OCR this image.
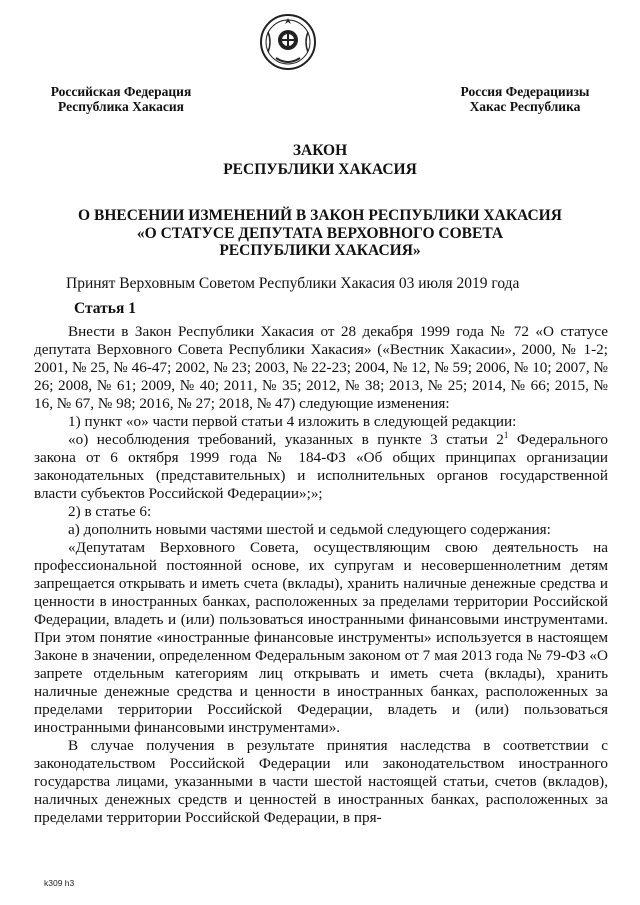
Российская Федерация
Республика Хакасия
Россия Федерациизы
Хакас Республика
ЗАКОН
РЕСПУБЛИКИ ХАКАСИЯ
О ВНЕСЕНИИ ИЗМЕНЕНИЙ В ЗАКОН РЕСПУБЛИКИ ХАКАСИЯ
«О СТАТУСЕ ДЕПУТАТА ВЕРХОВНОГО СОВЕТА
РЕСПУБЛИКИ ХАКАСИЯ»
Принят Верховным Советом Республики Хакасия 03 июля 2019 года
Статья 1

Внести в Закон Республики Хакасия от 28 декабря 1999 года № 72 «О статусе депутата Верховного Совета Республики Хакасия» («Вестник Хакасии», 2000, № 1-2; 2001, № 25, № 46-47; 2002, № 23; 2003, № 22-23; 2004, № 12, № 59; 2006, № 10; 2007, № 26; 2008, № 61; 2009, № 40; 2011, № 35; 2012, № 38; 2013, № 25; 2014, № 66; 2015, № 16, № 67, № 98; 2016, № 27; 2018, № 47) следующие изменения:

1) пункт «о» части первой статьи 4 изложить в следующей редакции:

«о) несоблюдения требований, указанных в пункте 3 статьи $2^1$ Федерального закона от 6 октября 1999 года № 184-ФЗ «Об общих принципах организации законодательных (представительных) и исполнительных органов государственной власти субъектов Российской Федерации»;»;

2) в статье 6:

а) дополнить новыми частями шестой и седьмой следующего содержания:

«Депутатам Верховного Совета, осуществляющим свою деятельность на профессиональной постоянной основе, их супругам и несовершеннолетним детям запрещается открывать и иметь счета (вклады), хранить наличные денежные средства и ценности в иностранных банках, расположенных за пределами территории Российской Федерации, владеть и (или) пользоваться иностранными финансовыми инструментами. При этом понятие «иностранные финансовые инструменты» используется в настоящем Законе в значении, определенном Федеральным законом от 7 мая 2013 года № 79-ФЗ «О запрете отдельным категориям лиц открывать и иметь счета (вклады), хранить наличные денежные средства и ценности в иностранных банках, расположенных за пределами территории Российской Федерации, владеть и (или) пользоваться иностранными финансовыми инструментами».

В случае получения в результате принятия наследства в соответствии с законодательством Российской Федерации или законодательством иностранного государства лицами, указанными в части шестой настоящей статьи, счетов (вкладов), наличных денежных средств и ценностей в иностранных банках, расположенных за пределами территории Российской Федерации, в пря-

k309 h3
